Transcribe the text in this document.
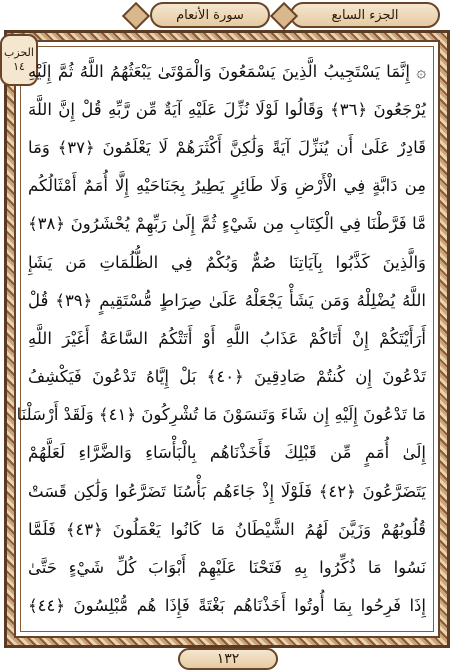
سورة الأنعام	الجزء السابع
الحزب
١٤ ۞ إِنَّمَا يَسْتَجِيبُ الَّذِينَ يَسْمَعُونَ وَالْمَوْتَىٰ يَبْعَثُهُمُ اللَّهُ ثُمَّ إِلَيْهِ
يُرْجَعُونَ ﴿٣٦﴾ وَقَالُوا لَوْلَا نُزِّلَ عَلَيْهِ آيَةٌ مِّن رَّبِّهِ قُلْ إِنَّ اللَّهَ
قَادِرٌ عَلَىٰ أَن يُنَزِّلَ آيَةً وَلَٰكِنَّ أَكْثَرَهُمْ لَا يَعْلَمُونَ ﴿٣٧﴾ وَمَا
مِن دَابَّةٍ فِي الْأَرْضِ وَلَا طَائِرٍ يَطِيرُ بِجَنَاحَيْهِ إِلَّا أُمَمٌ أَمْثَالُكُم
مَّا فَرَّطْنَا فِي الْكِتَابِ مِن شَيْءٍ ثُمَّ إِلَىٰ رَبِّهِمْ يُحْشَرُونَ ﴿٣٨﴾
وَالَّذِينَ كَذَّبُوا بِآيَاتِنَا صُمٌّ وَبُكْمٌ فِي الظُّلُمَاتِ مَن يَشَإِ
اللَّهُ يُضْلِلْهُ وَمَن يَشَأْ يَجْعَلْهُ عَلَىٰ صِرَاطٍ مُّسْتَقِيمٍ ﴿٣٩﴾ قُلْ
أَرَأَيْتَكُمْ إِنْ أَتَاكُمْ عَذَابُ اللَّهِ أَوْ أَتَتْكُمُ السَّاعَةُ أَغَيْرَ اللَّهِ
تَدْعُونَ إِن كُنتُمْ صَادِقِينَ ﴿٤٠﴾ بَلْ إِيَّاهُ تَدْعُونَ فَيَكْشِفُ
مَا تَدْعُونَ إِلَيْهِ إِن شَاءَ وَتَنسَوْنَ مَا تُشْرِكُونَ ﴿٤١﴾ وَلَقَدْ أَرْسَلْنَا
إِلَىٰ أُمَمٍ مِّن قَبْلِكَ فَأَخَذْنَاهُم بِالْبَأْسَاءِ وَالضَّرَّاءِ لَعَلَّهُمْ
يَتَضَرَّعُونَ ﴿٤٢﴾ فَلَوْلَا إِذْ جَاءَهُم بَأْسُنَا تَضَرَّعُوا وَلَٰكِن قَسَتْ
قُلُوبُهُمْ وَزَيَّنَ لَهُمُ الشَّيْطَانُ مَا كَانُوا يَعْمَلُونَ ﴿٤٣﴾ فَلَمَّا
نَسُوا مَا ذُكِّرُوا بِهِ فَتَحْنَا عَلَيْهِمْ أَبْوَابَ كُلِّ شَيْءٍ حَتَّىٰ
إِذَا فَرِحُوا بِمَا أُوتُوا أَخَذْنَاهُم بَغْتَةً فَإِذَا هُم مُّبْلِسُونَ ﴿٤٤﴾
١٣٢
